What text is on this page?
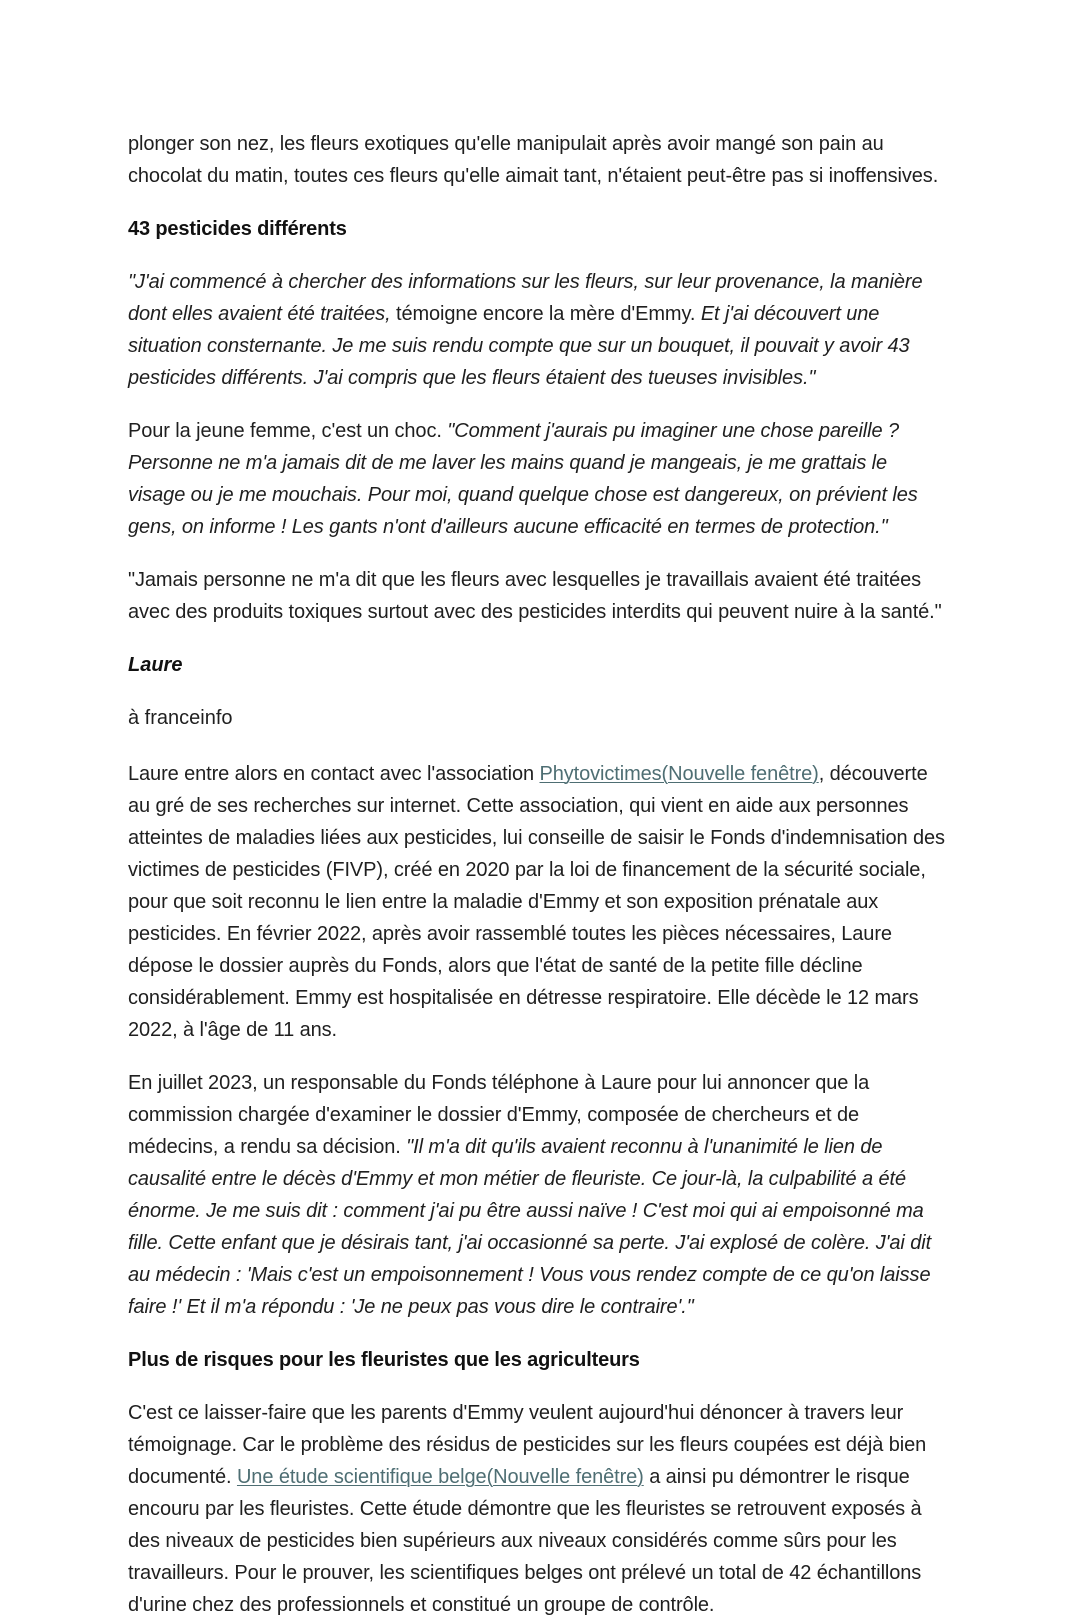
plonger son nez, les fleurs exotiques qu'elle manipulait après avoir mangé son pain au chocolat du matin, toutes ces fleurs qu'elle aimait tant, n'étaient peut-être pas si inoffensives.

43 pesticides différents

"J'ai commencé à chercher des informations sur les fleurs, sur leur provenance, la manière dont elles avaient été traitées, témoigne encore la mère d'Emmy. Et j'ai découvert une situation consternante. Je me suis rendu compte que sur un bouquet, il pouvait y avoir 43 pesticides différents. J'ai compris que les fleurs étaient des tueuses invisibles."

Pour la jeune femme, c'est un choc. "Comment j'aurais pu imaginer une chose pareille ? Personne ne m'a jamais dit de me laver les mains quand je mangeais, je me grattais le visage ou je me mouchais. Pour moi, quand quelque chose est dangereux, on prévient les gens, on informe ! Les gants n'ont d'ailleurs aucune efficacité en termes de protection."

"Jamais personne ne m'a dit que les fleurs avec lesquelles je travaillais avaient été traitées avec des produits toxiques surtout avec des pesticides interdits qui peuvent nuire à la santé."

Laure

à franceinfo

Laure entre alors en contact avec l'association Phytovictimes(Nouvelle fenêtre), découverte au gré de ses recherches sur internet. Cette association, qui vient en aide aux personnes atteintes de maladies liées aux pesticides, lui conseille de saisir le Fonds d'indemnisation des victimes de pesticides (FIVP), créé en 2020 par la loi de financement de la sécurité sociale, pour que soit reconnu le lien entre la maladie d'Emmy et son exposition prénatale aux pesticides. En février 2022, après avoir rassemblé toutes les pièces nécessaires, Laure dépose le dossier auprès du Fonds, alors que l'état de santé de la petite fille décline considérablement. Emmy est hospitalisée en détresse respiratoire. Elle décède le 12 mars 2022, à l'âge de 11 ans.

En juillet 2023, un responsable du Fonds téléphone à Laure pour lui annoncer que la commission chargée d'examiner le dossier d'Emmy, composée de chercheurs et de médecins, a rendu sa décision. "Il m'a dit qu'ils avaient reconnu à l'unanimité le lien de causalité entre le décès d'Emmy et mon métier de fleuriste. Ce jour-là, la culpabilité a été énorme. Je me suis dit : comment j'ai pu être aussi naïve ! C'est moi qui ai empoisonné ma fille. Cette enfant que je désirais tant, j'ai occasionné sa perte. J'ai explosé de colère. J'ai dit au médecin : 'Mais c'est un empoisonnement ! Vous vous rendez compte de ce qu'on laisse faire !' Et il m'a répondu : 'Je ne peux pas vous dire le contraire'."

Plus de risques pour les fleuristes que les agriculteurs

C'est ce laisser-faire que les parents d'Emmy veulent aujourd'hui dénoncer à travers leur témoignage. Car le problème des résidus de pesticides sur les fleurs coupées est déjà bien documenté. Une étude scientifique belge(Nouvelle fenêtre) a ainsi pu démontrer le risque encouru par les fleuristes. Cette étude démontre que les fleuristes se retrouvent exposés à des niveaux de pesticides bien supérieurs aux niveaux considérés comme sûrs pour les travailleurs. Pour le prouver, les scientifiques belges ont prélevé un total de 42 échantillons d'urine chez des professionnels et constitué un groupe de contrôle.
